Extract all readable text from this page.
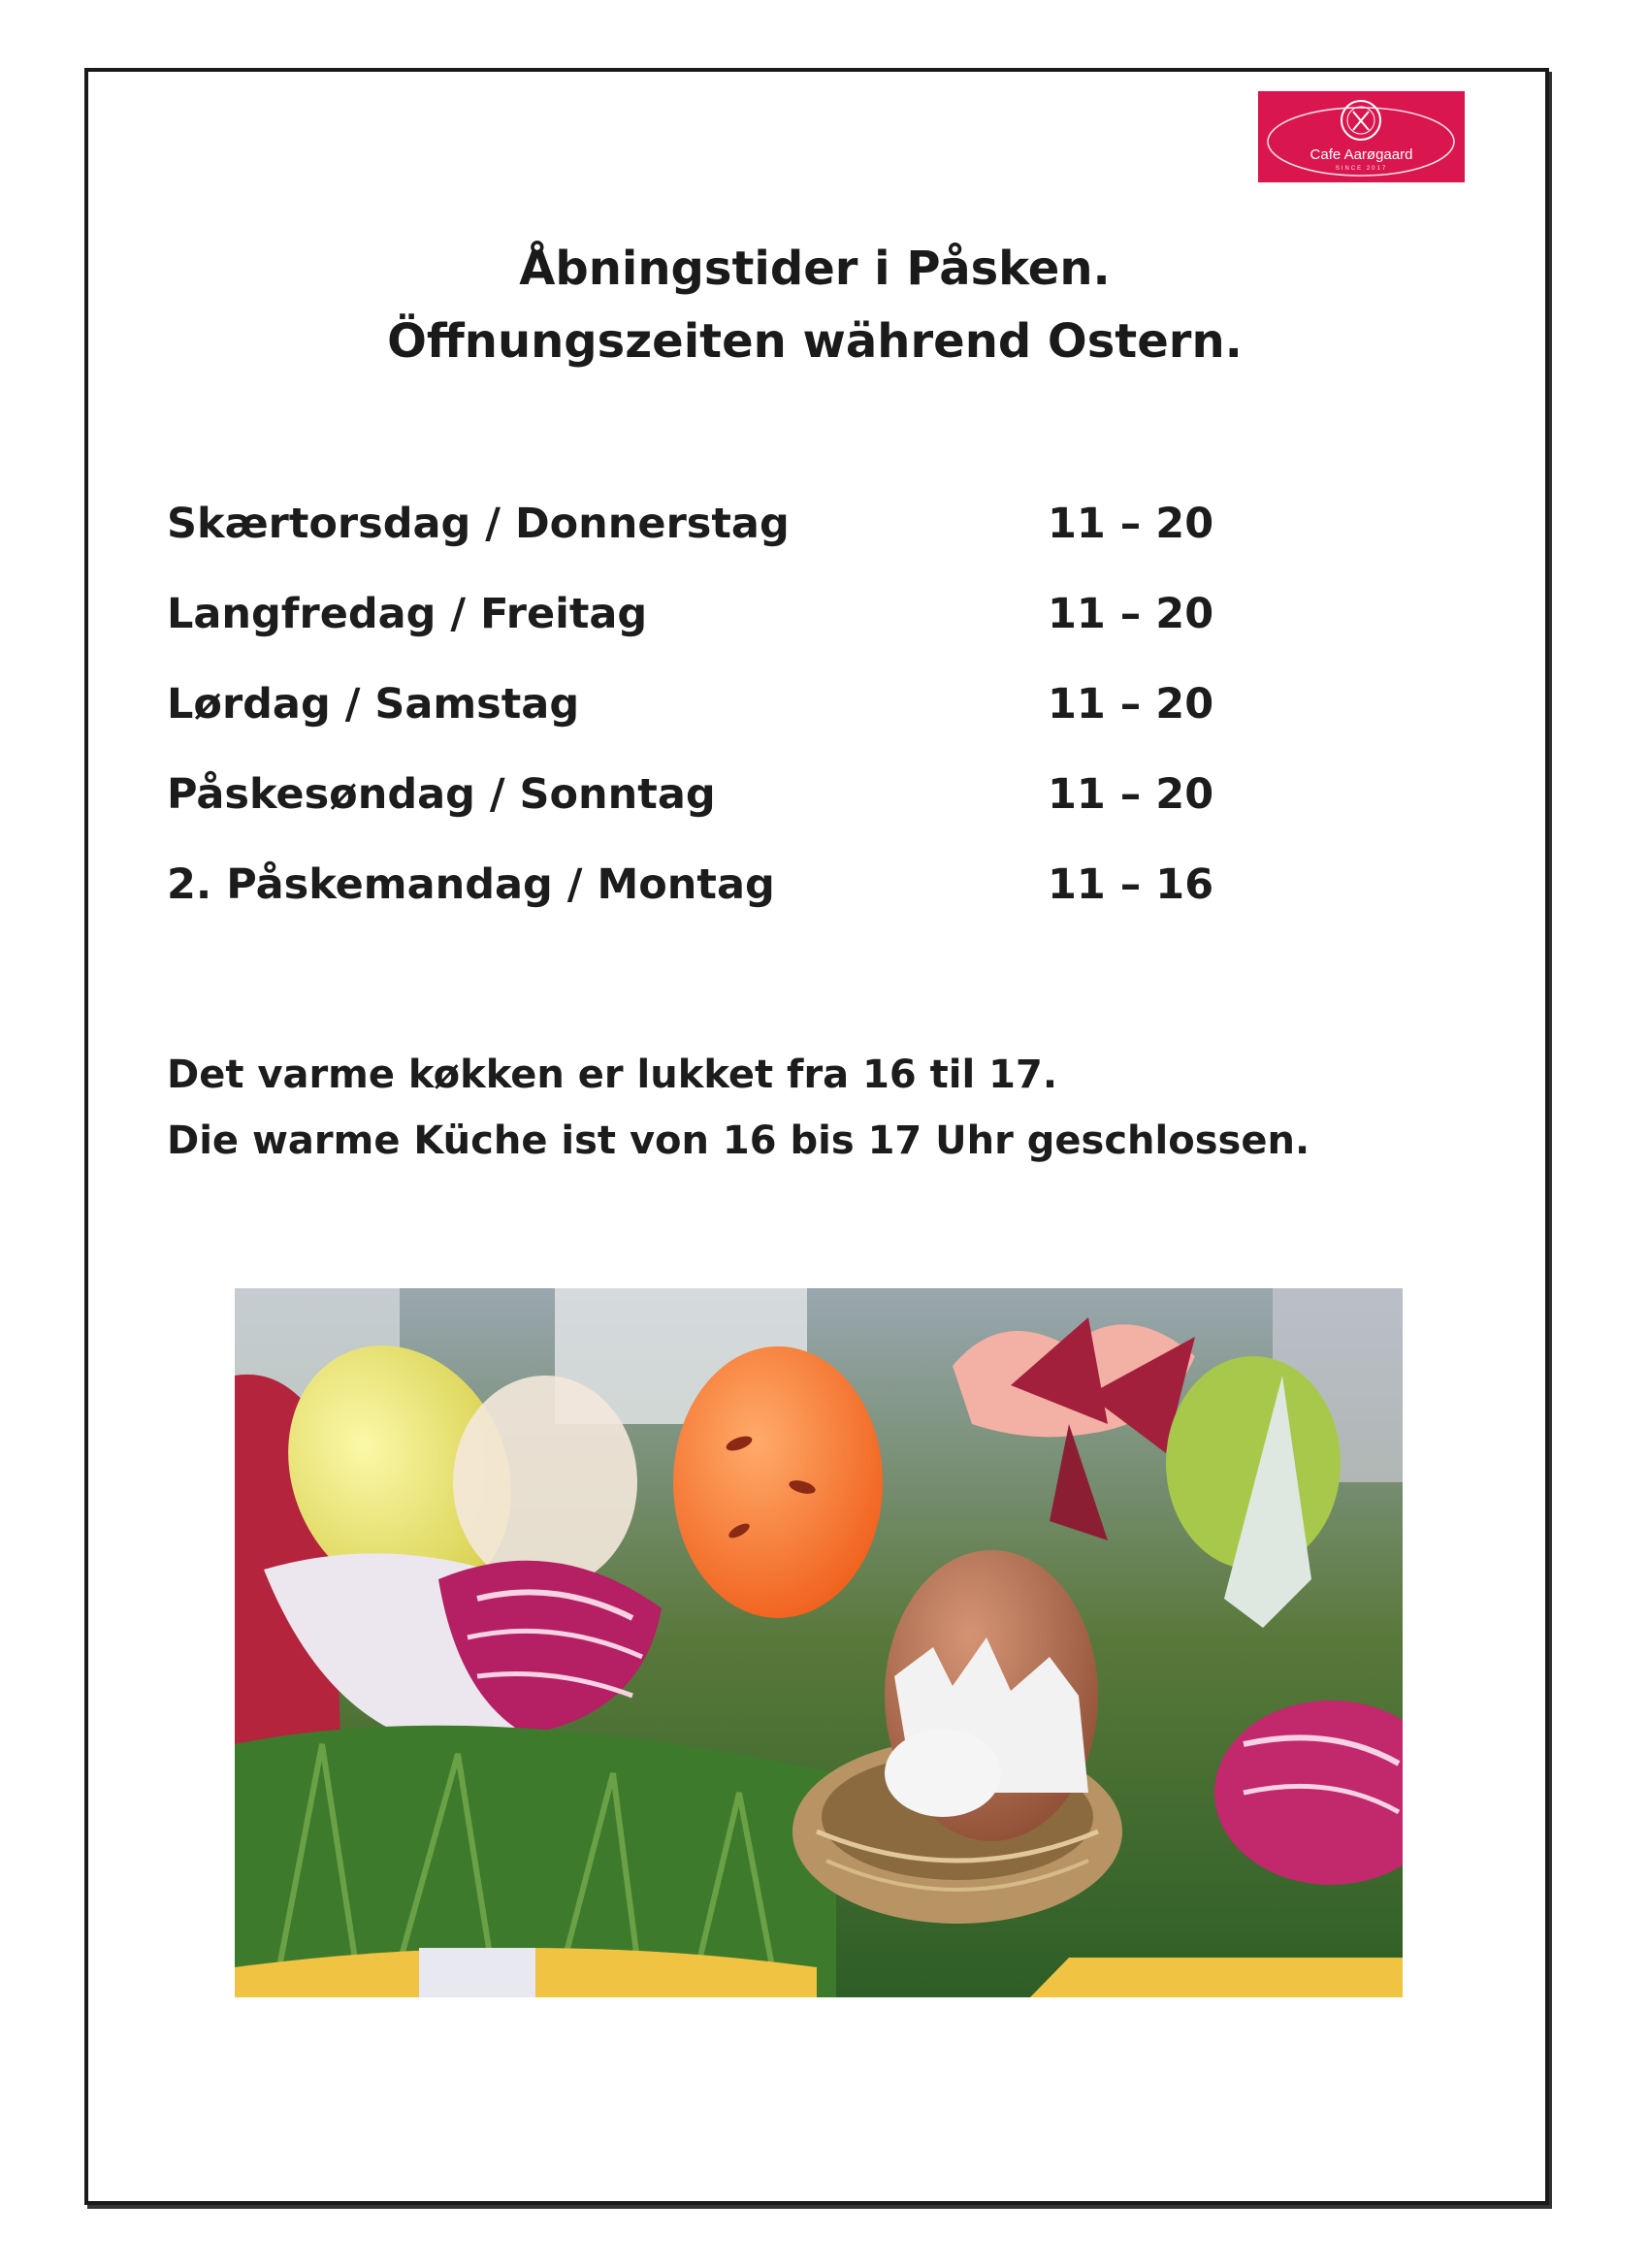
Cafe Aarøgaard
SINCE 2017
Åbningstider i Påsken.
Öffnungszeiten während Ostern.
Skærtorsdag / Donnerstag	11 – 20
Langfredag / Freitag	11 – 20
Lørdag / Samstag	11 – 20
Påskesøndag / Sonntag	11 – 20
2. Påskemandag / Montag	11 – 16
Det varme køkken er lukket fra 16 til 17.
Die warme Küche ist von 16 bis 17 Uhr geschlossen.
